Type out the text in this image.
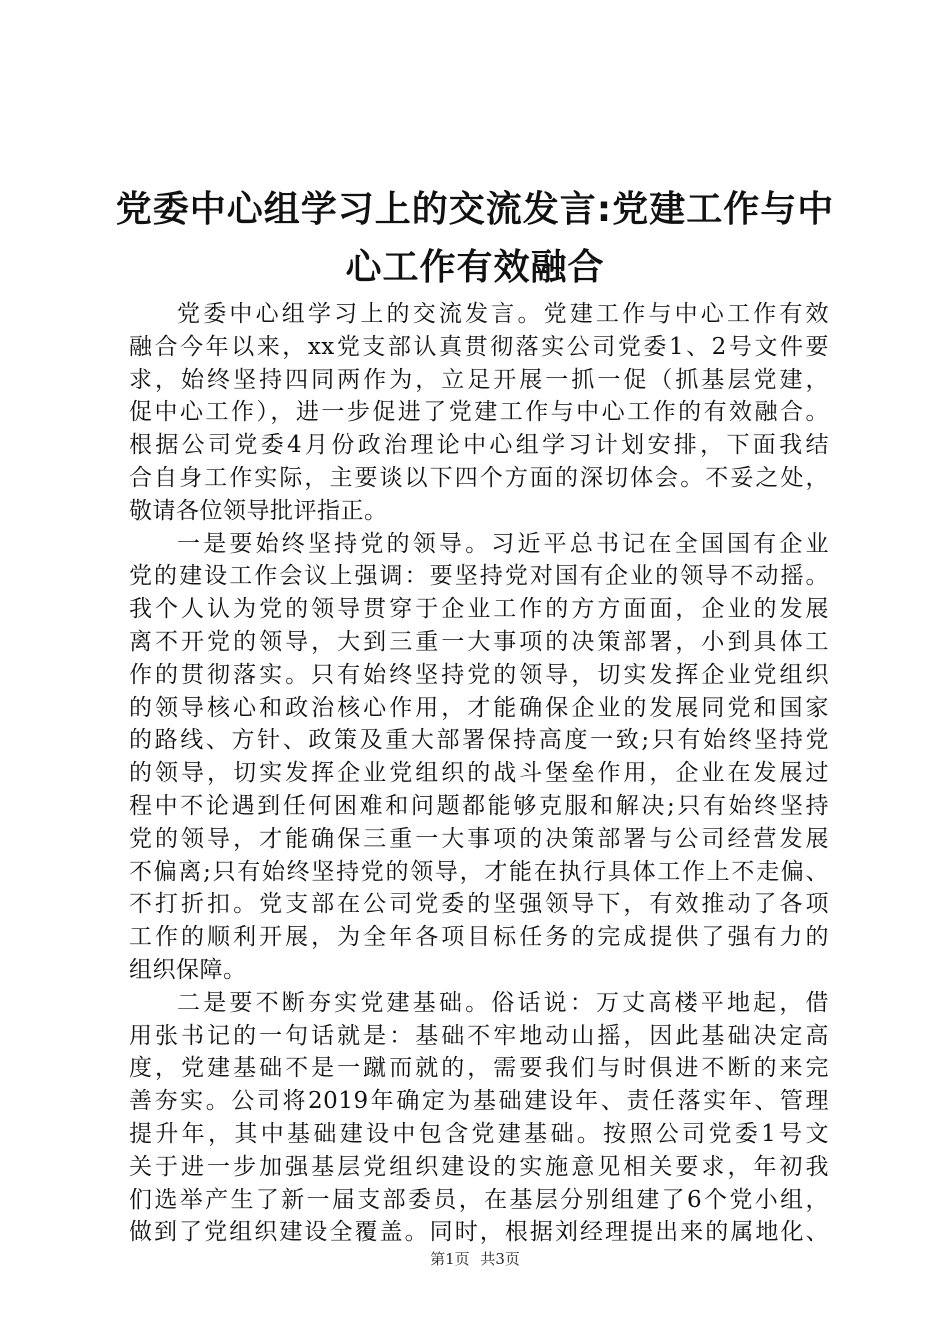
党委中心组学习上的交流发言:党建工作与中
心工作有效融合
党委中心组学习上的交流发言。党建工作与中心工作有效
融合今年以来，xx党支部认真贯彻落实公司党委1、2号文件要
求，始终坚持四同两作为，立足开展一抓一促（抓基层党建，
促中心工作），进一步促进了党建工作与中心工作的有效融合。
根据公司党委4月份政治理论中心组学习计划安排，下面我结
合自身工作实际，主要谈以下四个方面的深切体会。不妥之处，
敬请各位领导批评指正。
一是要始终坚持党的领导。习近平总书记在全国国有企业
党的建设工作会议上强调：要坚持党对国有企业的领导不动摇。
我个人认为党的领导贯穿于企业工作的方方面面，企业的发展
离不开党的领导，大到三重一大事项的决策部署，小到具体工
作的贯彻落实。只有始终坚持党的领导，切实发挥企业党组织
的领导核心和政治核心作用，才能确保企业的发展同党和国家
的路线、方针、政策及重大部署保持高度一致;只有始终坚持党
的领导，切实发挥企业党组织的战斗堡垒作用，企业在发展过
程中不论遇到任何困难和问题都能够克服和解决;只有始终坚持
党的领导，才能确保三重一大事项的决策部署与公司经营发展
不偏离;只有始终坚持党的领导，才能在执行具体工作上不走偏、
不打折扣。党支部在公司党委的坚强领导下，有效推动了各项
工作的顺利开展，为全年各项目标任务的完成提供了强有力的
组织保障。
二是要不断夯实党建基础。俗话说：万丈高楼平地起，借
用张书记的一句话就是：基础不牢地动山摇，因此基础决定高
度，党建基础不是一蹴而就的，需要我们与时俱进不断的来完
善夯实。公司将2019年确定为基础建设年、责任落实年、管理
提升年，其中基础建设中包含党建基础。按照公司党委1号文
关于进一步加强基层党组织建设的实施意见相关要求，年初我
们选举产生了新一届支部委员，在基层分别组建了6个党小组，
做到了党组织建设全覆盖。同时，根据刘经理提出来的属地化、
第1页 共3页
